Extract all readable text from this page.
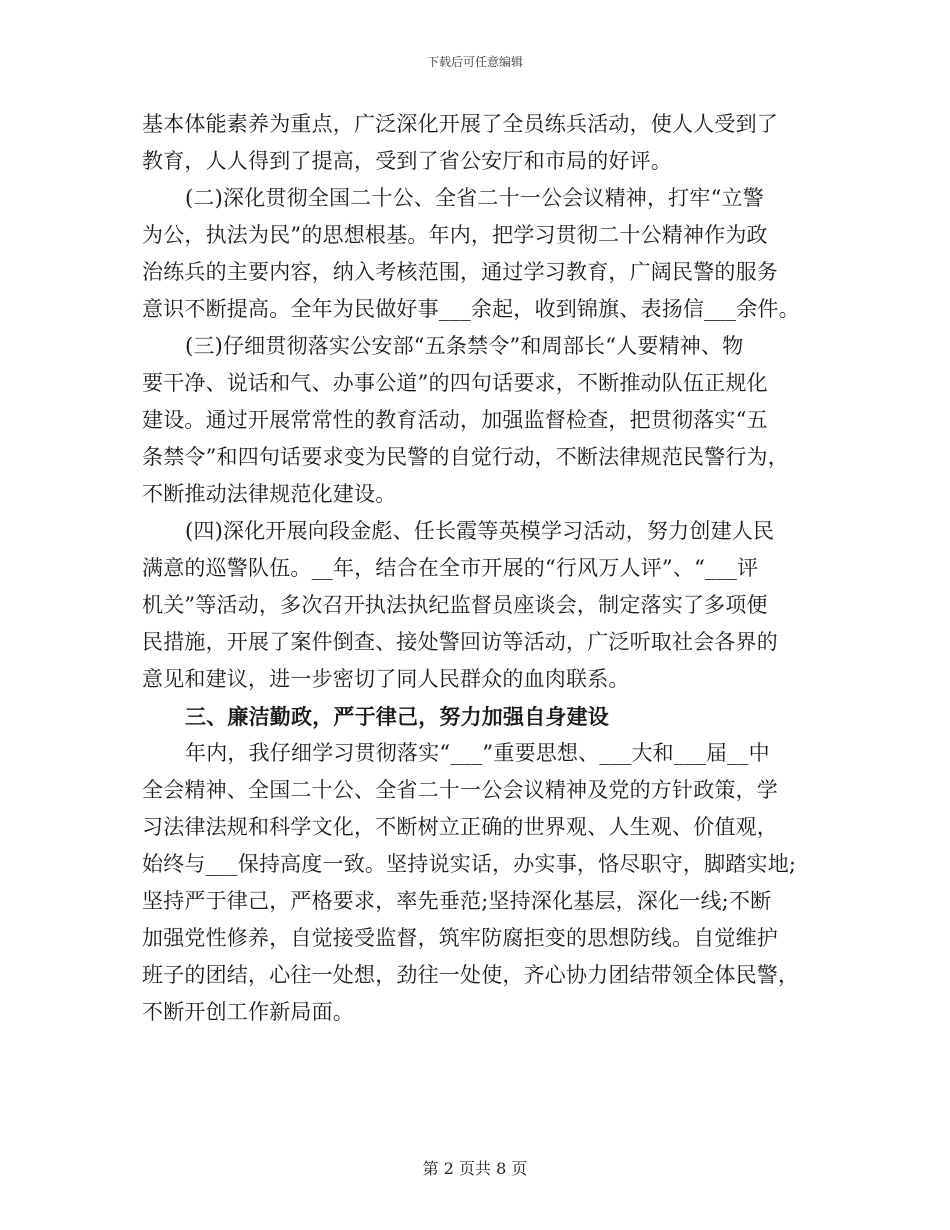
下载后可任意编辑
基本体能素养为重点，广泛深化开展了全员练兵活动，使人人受到了
教育，人人得到了提高，受到了省公安厅和市局的好评。
(二)深化贯彻全国二十公、全省二十一公会议精神，打牢“立警
为公，执法为民”的思想根基。年内，把学习贯彻二十公精神作为政
治练兵的主要内容，纳入考核范围，通过学习教育，广阔民警的服务
意识不断提高。全年为民做好事___余起，收到锦旗、表扬信___余件。
(三)仔细贯彻落实公安部“五条禁令”和周部长“人要精神、物
要干净、说话和气、办事公道”的四句话要求，不断推动队伍正规化
建设。通过开展常常性的教育活动，加强监督检查，把贯彻落实“五
条禁令”和四句话要求变为民警的自觉行动，不断法律规范民警行为，
不断推动法律规范化建设。
(四)深化开展向段金彪、任长霞等英模学习活动，努力创建人民
满意的巡警队伍。__年，结合在全市开展的“行风万人评”、“___评
机关”等活动，多次召开执法执纪监督员座谈会，制定落实了多项便
民措施，开展了案件倒查、接处警回访等活动，广泛听取社会各界的
意见和建议，进一步密切了同人民群众的血肉联系。
三、廉洁勤政，严于律己，努力加强自身建设
年内，我仔细学习贯彻落实“___”重要思想、___大和___届__中
全会精神、全国二十公、全省二十一公会议精神及党的方针政策，学
习法律法规和科学文化，不断树立正确的世界观、人生观、价值观，
始终与___保持高度一致。坚持说实话，办实事，恪尽职守，脚踏实地;
坚持严于律己，严格要求，率先垂范;坚持深化基层，深化一线;不断
加强党性修养，自觉接受监督，筑牢防腐拒变的思想防线。自觉维护
班子的团结，心往一处想，劲往一处使，齐心协力团结带领全体民警，
不断开创工作新局面。
第 2 页共 8 页
